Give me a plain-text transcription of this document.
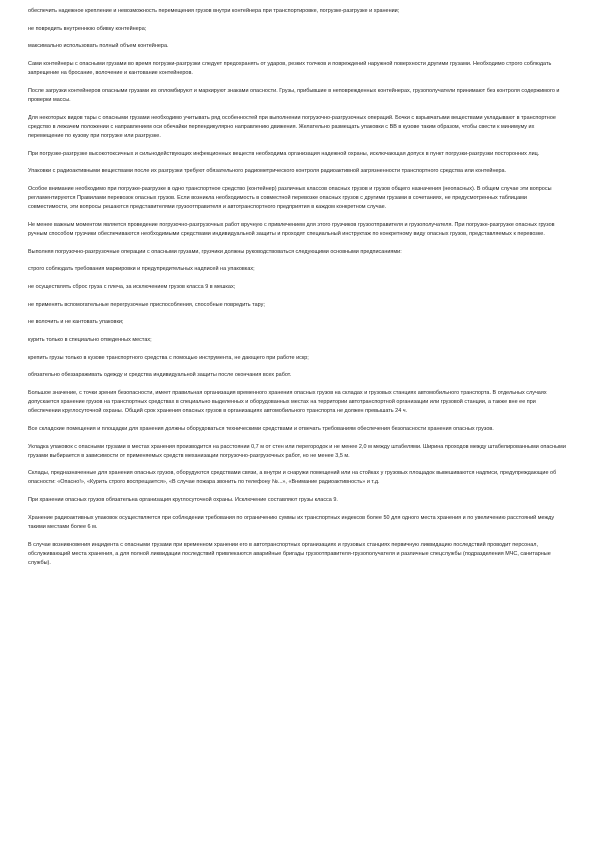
обеспечить надежное крепление и невозможность перемещения грузов внутри контейнера при транспортировке, погрузке-разгрузке и хранении;

не повредить внутреннюю обивку контейнера;

максимально использовать полный объем контейнера.

Сами контейнеры с опасными грузами во время погрузки-разгрузки следует предохранять от ударов, резких толчков и повреждений наружной поверхности другими грузами. Необходимо строго соблюдать запрещение на бросание, волочение и кантование контейнеров.

После загрузки контейнеров опасными грузами их опломбируют и маркируют знаками опасности. Грузы, прибывшие в неповрежденных контейнерах, грузополучатели принимают без контроля содержимого и проверки массы.

Для некоторых видов тары с опасными грузами необходимо учитывать ряд особенностей при выполнении погрузочно-разгрузочных операций. Бочки с взрывчатыми веществами укладывают в транспортное средство в лежачем положении с направлением оси обечайки перпендикулярно направлению движения. Желательно размещать упаковки с ВВ в кузове таким образом, чтобы свести к минимуму их перемещение по кузову при погрузке или разгрузке.

При погрузке-разгрузке высокотоксичных и сильнодействующих инфекционных веществ необходима организация надежной охраны, исключающая допуск в пункт погрузки-разгрузки посторонних лиц.

Упаковки с радиоактивными веществами после их разгрузки требуют обязательного радиометрического контроля радиоактивной загрязненности транспортного средства или контейнера.

Особое внимание необходимо при погрузке-разгрузке в одно транспортное средство (контейнер) различных классов опасных грузов и грузов общего назначения (неопасных). В общем случае эти вопросы регламентируются Правилами перевозок опасных грузов. Если возникла необходимость в совместной перевозке опасных грузов с другими грузами в сочетаниях, не предусмотренных таблицами совместимости, эти вопросы решаются представителями грузоотправителя и автотранспортного предприятия в каждом конкретном случае.

Не менее важным моментом является проведение погрузочно-разгрузочных работ вручную с привлечением для этого грузчиков грузоотправителя и грузополучателя. При погрузке-разгрузке опасных грузов ручным способом грузчики обеспечиваются необходимыми средствами индивидуальной защиты и проходят специальный инструктаж по конкретному виду опасных грузов, представляемых к перевозке.

Выполняя погрузочно-разгрузочные операции с опасными грузами, грузчики должны руководствоваться следующими основными предписаниями:

строго соблюдать требования маркировки и предупредительных надписей на упаковках;

не осуществлять сброс груза с плеча, за исключением грузов класса 9 в мешках;

не применять вспомогательные перегрузочные приспособления, способные повредить тару;

не волочить и не кантовать упаковки;

курить только в специально отведенных местах;

крепить грузы только в кузове транспортного средства с помощью инструмента, не дающего при работе искр;

обязательно обеззараживать одежду и средства индивидуальной защиты после окончания всех работ.

Большое значение, с точки зрения безопасности, имеет правильная организация временного хранения опасных грузов на складах и грузовых станциях автомобильного транспорта. В отдельных случаях допускается хранение грузов на транспортных средствах в специально выделенных и оборудованных местах на территории автотранспортной организации или грузовой станции, а также вне ее при обеспечении круглосуточной охраны. Общий срок хранения опасных грузов в организациях автомобильного транспорта не должен превышать 24 ч.

Все складские помещения и площадки для хранения должны оборудоваться техническими средствами и отвечать требованиям обеспечения безопасности хранения опасных грузов.

Укладка упаковок с опасными грузами в местах хранения производится на расстоянии 0,7 м от стен или перегородок и не менее 2,0 м между штабелями. Ширина проходов между штабелированными опасными грузами выбирается в зависимости от применяемых средств механизации погрузочно-разгрузочных работ, но не менее 3,5 м.

Склады, предназначенные для хранения опасных грузов, оборудуются средствами связи, а внутри и снаружи помещений или на стойках у грузовых площадок вывешиваются надписи, предупреждающие об опасности: «Опасно!», «Курить строго воспрещается», «В случае пожара звонить по телефону №...», «Внимание радиоактивность» и т.д.

При хранении опасных грузов обязательна организация круглосуточной охраны. Исключение составляют грузы класса 9.

Хранение радиоактивных упаковок осуществляется при соблюдении требования по ограничению суммы их транспортных индексов более 50 для одного места хранения и по увеличению расстояний между такими местами более 6 м.

В случае возникновения инцидента с опасными грузами при временном хранении его в автотранспортных организациях и грузовых станциях первичную ликвидацию последствий проводит персонал, обслуживающий места хранения, а для полной ликвидации последствий привлекаются аварийные бригады грузоотправителя-грузополучателя и различные спецслужбы (подразделения МЧС, санитарные службы).
